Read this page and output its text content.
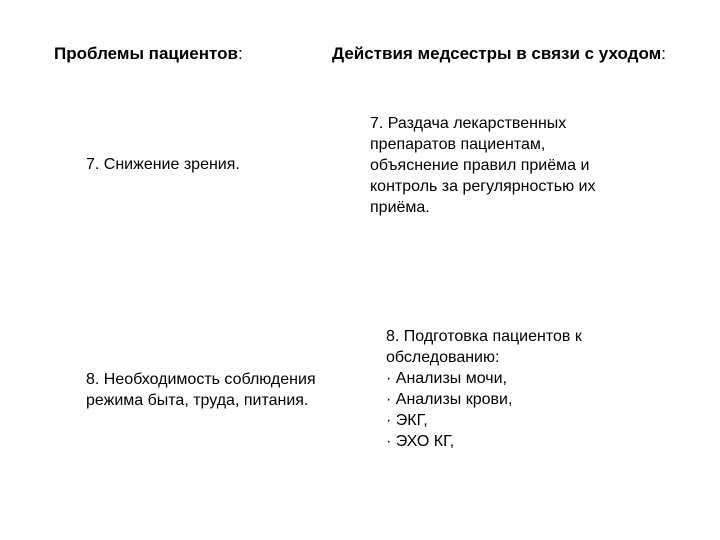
Проблемы пациентов:	Действия медсестры в связи с уходом:
7. Снижение зрения.
7. Раздача лекарственных
препаратов пациентам,
объяснение правил приёма и
контроль за регулярностью их
приёма.
8. Необходимость соблюдения
режима быта, труда, питания.
8. Подготовка пациентов к
обследованию:
· Анализы мочи,
· Анализы крови,
· ЭКГ,
· ЭХО КГ,
